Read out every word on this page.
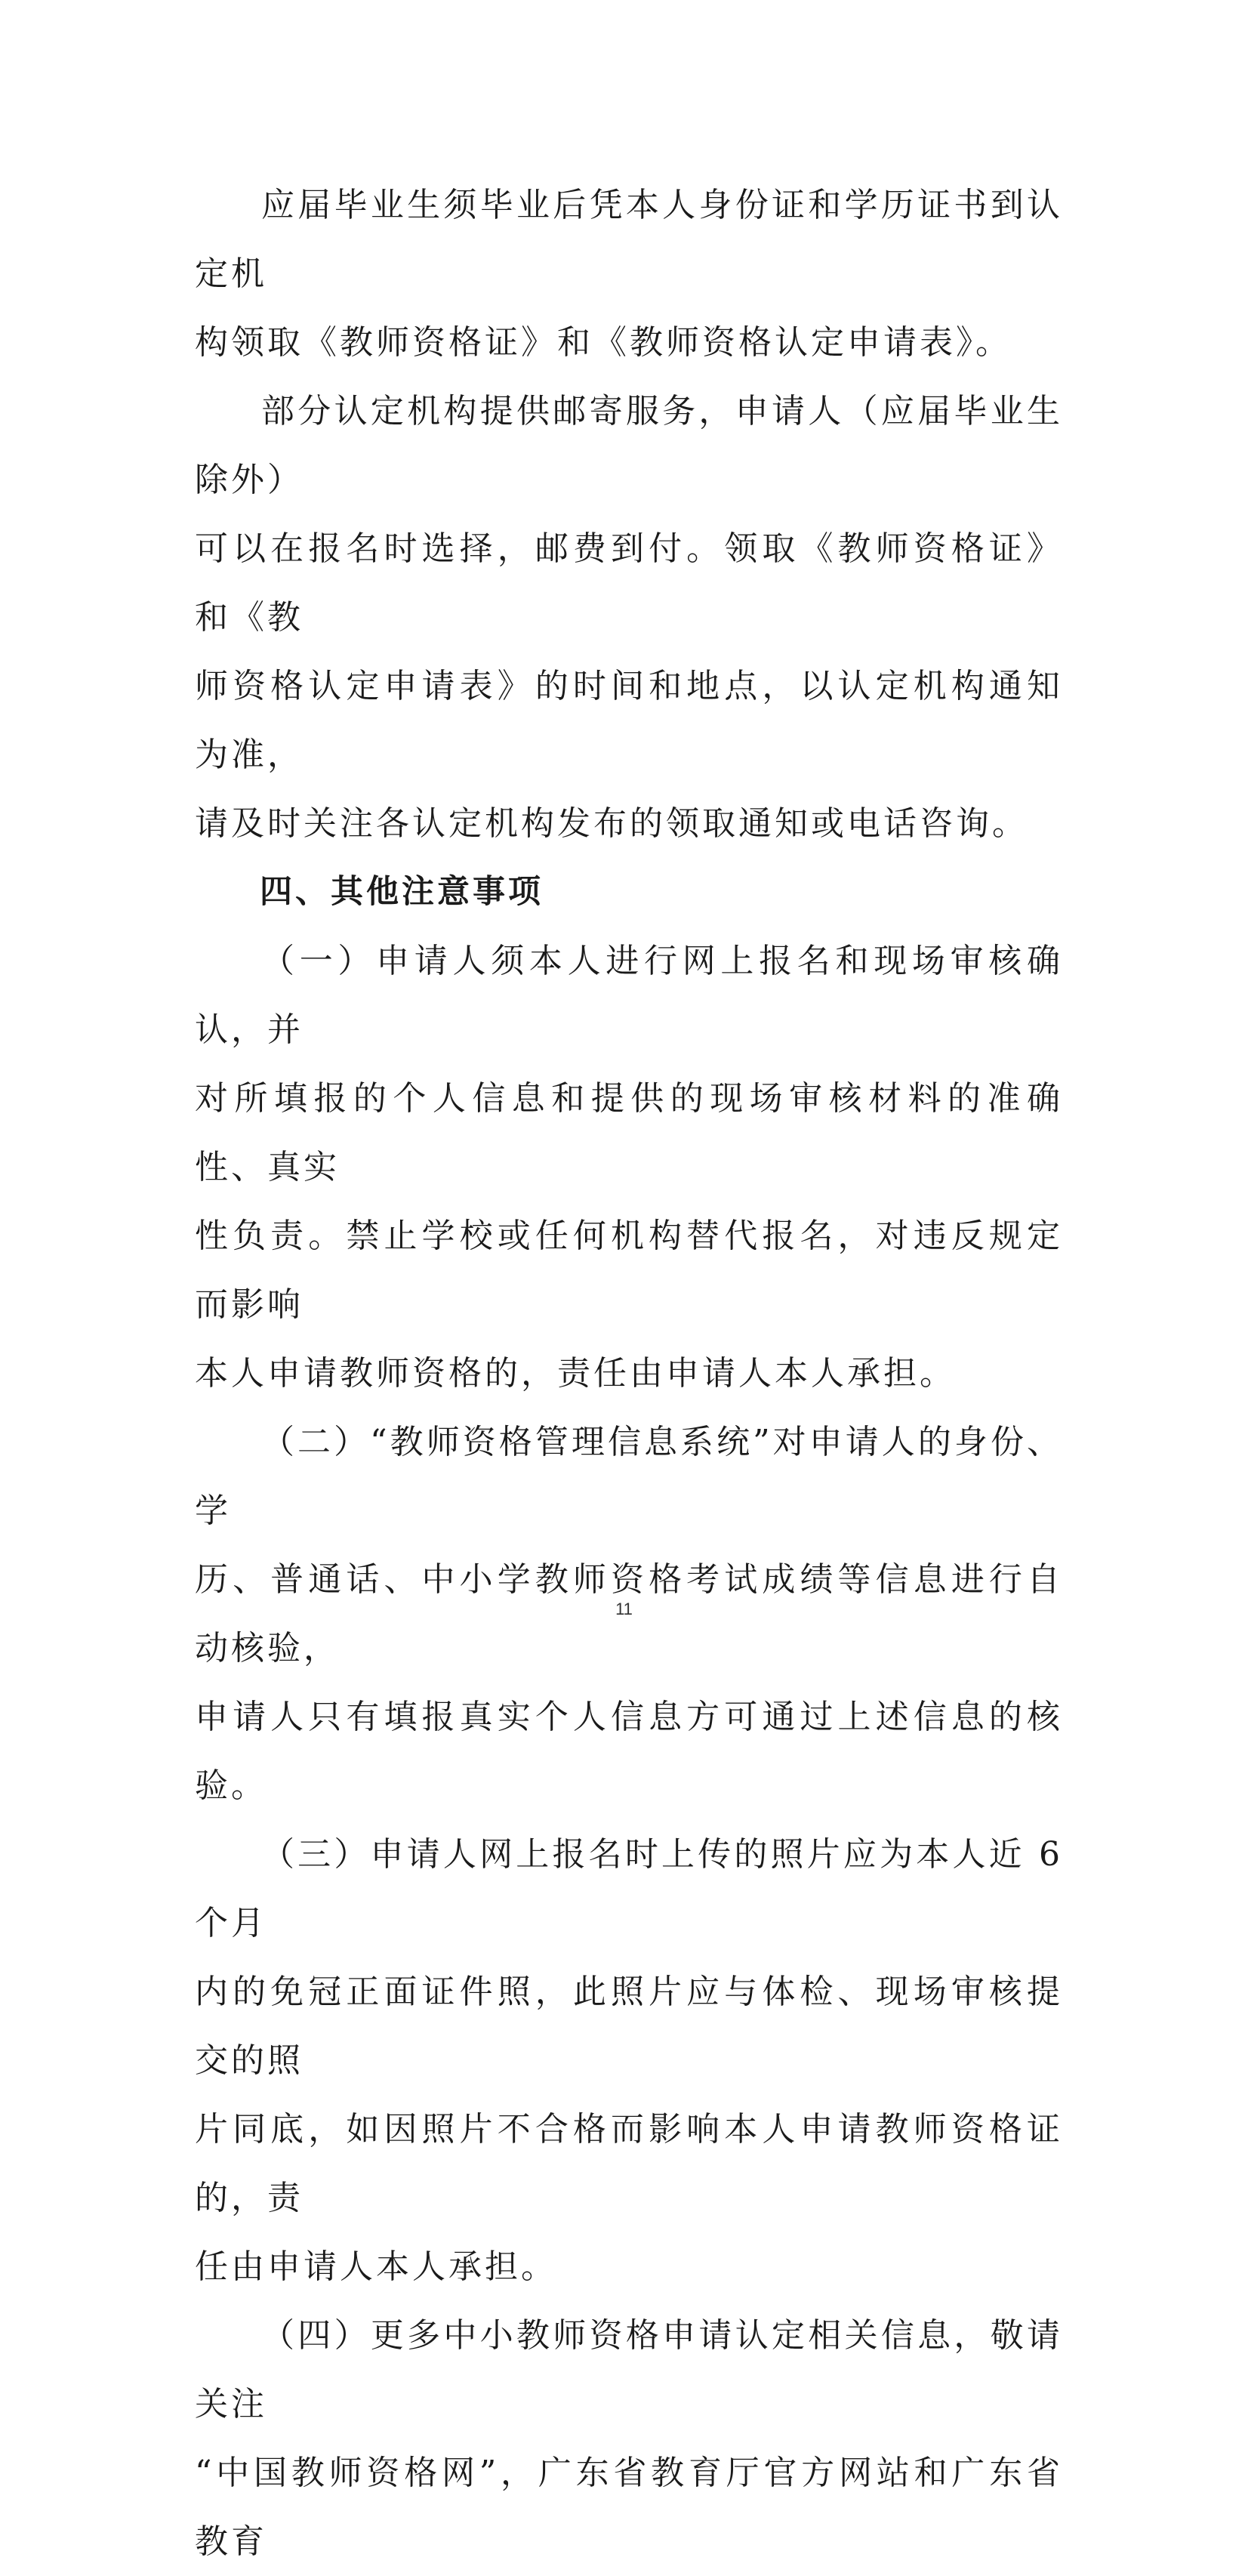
应届毕业生须毕业后凭本人身份证和学历证书到认定机
构领取《教师资格证》和《教师资格认定申请表》。

部分认定机构提供邮寄服务，申请人（应届毕业生除外）
可以在报名时选择，邮费到付。领取《教师资格证》和《教
师资格认定申请表》的时间和地点，以认定机构通知为准，
请及时关注各认定机构发布的领取通知或电话咨询。

四、其他注意事项

（一）申请人须本人进行网上报名和现场审核确认，并
对所填报的个人信息和提供的现场审核材料的准确性、真实
性负责。禁止学校或任何机构替代报名，对违反规定而影响
本人申请教师资格的，责任由申请人本人承担。

（二）“教师资格管理信息系统”对申请人的身份、学
历、普通话、中小学教师资格考试成绩等信息进行自动核验，
申请人只有填报真实个人信息方可通过上述信息的核验。

（三）申请人网上报名时上传的照片应为本人近 6 个月
内的免冠正面证件照，此照片应与体检、现场审核提交的照
片同底，如因照片不合格而影响本人申请教师资格证的，责
任由申请人本人承担。

（四）更多中小教师资格申请认定相关信息，敬请关注
“中国教师资格网”，广东省教育厅官方网站和广东省教育

11
